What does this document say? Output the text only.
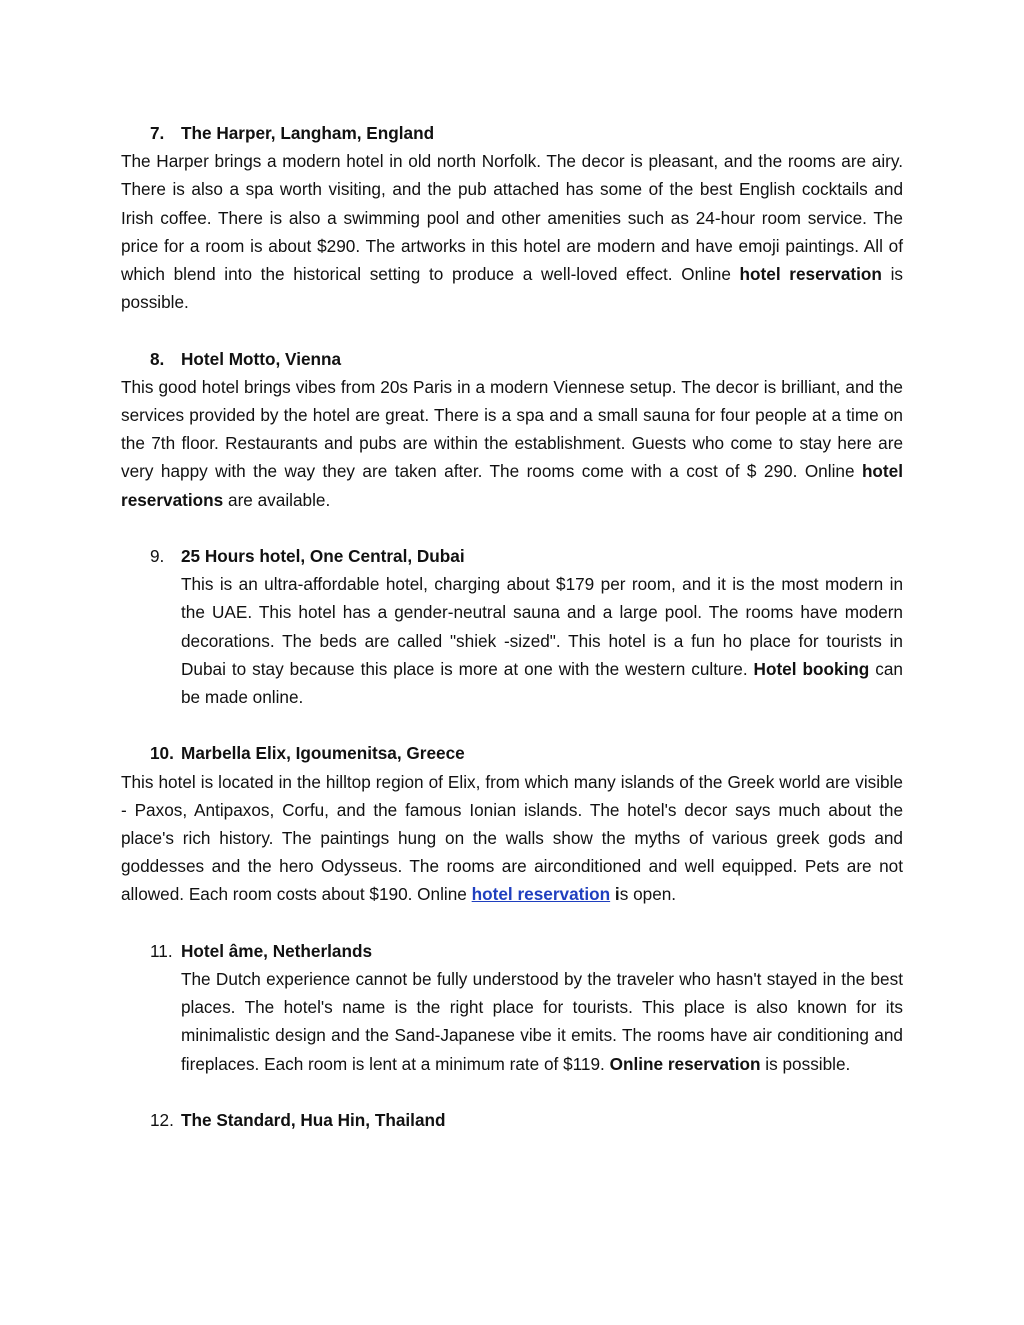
7. The Harper, Langham, England
The Harper brings a modern hotel in old north Norfolk. The decor is pleasant, and the rooms are airy. There is also a spa worth visiting, and the pub attached has some of the best English cocktails and Irish coffee. There is also a swimming pool and other amenities such as 24-hour room service. The price for a room is about $290. The artworks in this hotel are modern and have emoji paintings. All of which blend into the historical setting to produce a well-loved effect. Online hotel reservation is possible.
8. Hotel Motto, Vienna
This good hotel brings vibes from 20s Paris in a modern Viennese setup. The decor is brilliant, and the services provided by the hotel are great. There is a spa and a small sauna for four people at a time on the 7th floor. Restaurants and pubs are within the establishment. Guests who come to stay here are very happy with the way they are taken after. The rooms come with a cost of $ 290. Online hotel reservations are available.
9. 25 Hours hotel, One Central, Dubai
This is an ultra-affordable hotel, charging about $179 per room, and it is the most modern in the UAE. This hotel has a gender-neutral sauna and a large pool. The rooms have modern decorations. The beds are called "shiek -sized". This hotel is a fun ho place for tourists in Dubai to stay because this place is more at one with the western culture. Hotel booking can be made online.
10. Marbella Elix, Igoumenitsa, Greece
This hotel is located in the hilltop region of Elix, from which many islands of the Greek world are visible - Paxos, Antipaxos, Corfu, and the famous Ionian islands. The hotel's decor says much about the place's rich history. The paintings hung on the walls show the myths of various greek gods and goddesses and the hero Odysseus. The rooms are airconditioned and well equipped. Pets are not allowed. Each room costs about $190. Online hotel reservation is open.
11. Hotel âme, Netherlands
The Dutch experience cannot be fully understood by the traveler who hasn't stayed in the best places. The hotel's name is the right place for tourists. This place is also known for its minimalistic design and the Sand-Japanese vibe it emits. The rooms have air conditioning and fireplaces. Each room is lent at a minimum rate of $119. Online reservation is possible.
12. The Standard, Hua Hin, Thailand
